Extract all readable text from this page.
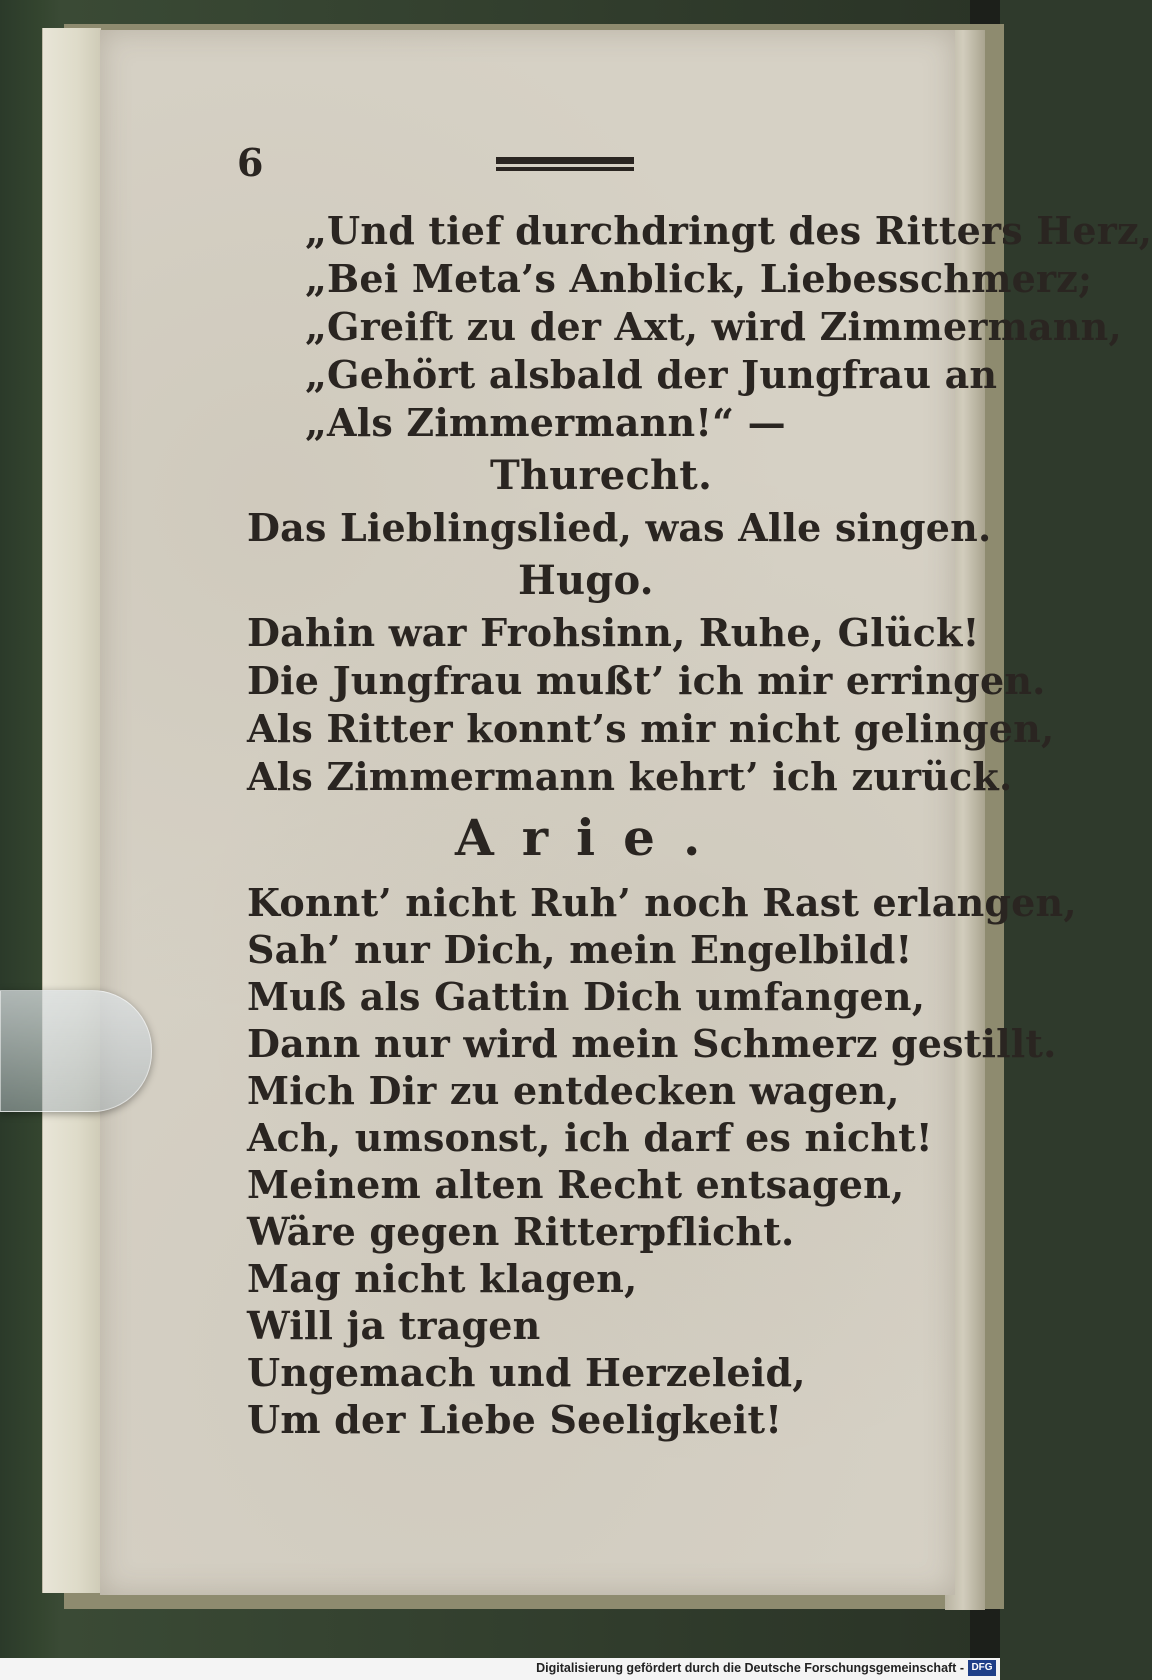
6
„Und tief durchdringt des Ritters Herz,
„Bei Meta’s Anblick, Liebesschmerz;
„Greift zu der Axt, wird Zimmermann,
„Gehört alsbald der Jungfrau an
„Als Zimmermann!“ —
Thurecht.
Das Lieblingslied, was Alle singen.
Hugo.
Dahin war Frohsinn, Ruhe, Glück!
Die Jungfrau mußt’ ich mir erringen.
Als Ritter konnt’s mir nicht gelingen,
Als Zimmermann kehrt’ ich zurück.
Arie.
Konnt’ nicht Ruh’ noch Rast erlangen,
Sah’ nur Dich, mein Engelbild!
Muß als Gattin Dich umfangen,
Dann nur wird mein Schmerz gestillt.
Mich Dir zu entdecken wagen,
Ach, umsonst, ich darf es nicht!
Meinem alten Recht entsagen,
Wäre gegen Ritterpflicht.
Mag nicht klagen,
Will ja tragen
Ungemach und Herzeleid,
Um der Liebe Seeligkeit!
Digitalisierung gefördert durch die Deutsche Forschungsgemeinschaft - DFG
